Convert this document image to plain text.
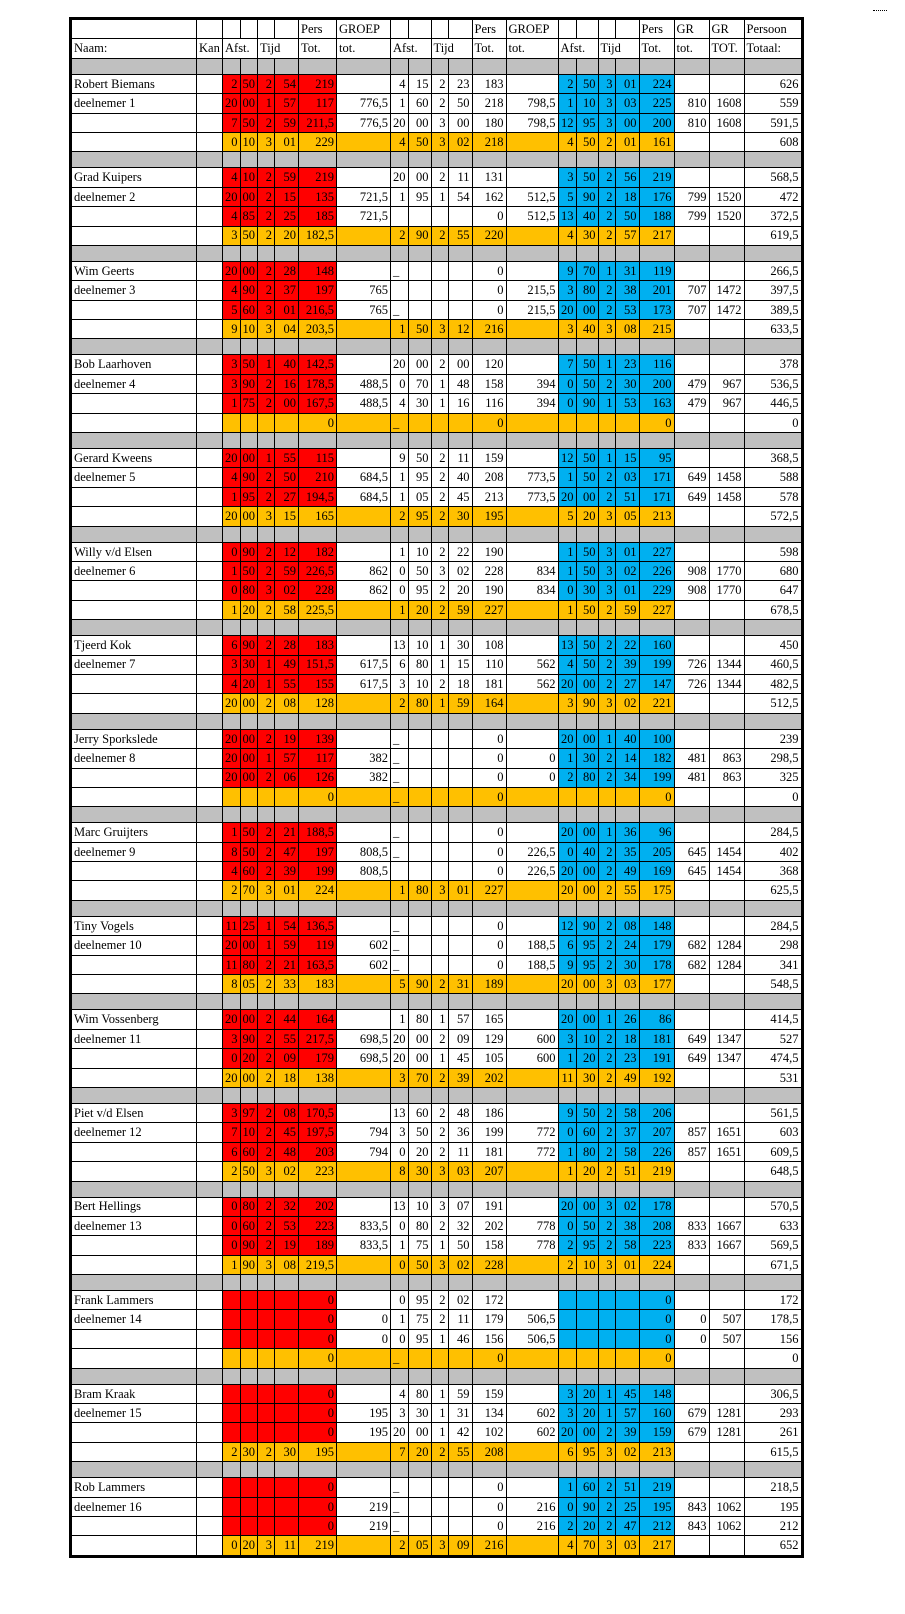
						Pers	GROEP					Pers	GROEP					Pers	GR	GR	Persoon
Naam:	Kan	Afst.		Tijd		Tot.	tot.	Afst.		Tijd		Tot.	tot.	Afst.		Tijd		Tot.	tot.	TOT.	Totaal:

Robert Biemans		2	50	2	54	219		4	15	2	23	183		2	50	3	01	224			626
deelnemer 1		20	00	1	57	117	776,5	1	60	2	50	218	798,5	1	10	3	03	225	810	1608	559
		7	50	2	59	211,5	776,5	20	00	3	00	180	798,5	12	95	3	00	200	810	1608	591,5
		0	10	3	01	229		4	50	3	02	218		4	50	2	01	161			608

Grad Kuipers		4	10	2	59	219		20	00	2	11	131		3	50	2	56	219			568,5
deelnemer 2		20	00	2	15	135	721,5	1	95	1	54	162	512,5	5	90	2	18	176	799	1520	472
		4	85	2	25	185	721,5					0	512,5	13	40	2	50	188	799	1520	372,5
		3	50	2	20	182,5		2	90	2	55	220		4	30	2	57	217			619,5

Wim Geerts		20	00	2	28	148		_				0		9	70	1	31	119			266,5
deelnemer 3		4	90	2	37	197	765					0	215,5	3	80	2	38	201	707	1472	397,5
		5	60	3	01	216,5	765	_				0	215,5	20	00	2	53	173	707	1472	389,5
		9	10	3	04	203,5		1	50	3	12	216		3	40	3	08	215			633,5

Bob Laarhoven		3	50	1	40	142,5		20	00	2	00	120		7	50	1	23	116			378
deelnemer 4		3	90	2	16	178,5	488,5	0	70	1	48	158	394	0	50	2	30	200	479	967	536,5
		1	75	2	00	167,5	488,5	4	30	1	16	116	394	0	90	1	53	163	479	967	446,5
						0		_				0						0			0

Gerard Kweens		20	00	1	55	115		9	50	2	11	159		12	50	1	15	95			368,5
deelnemer 5		4	90	2	50	210	684,5	1	95	2	40	208	773,5	1	50	2	03	171	649	1458	588
		1	95	2	27	194,5	684,5	1	05	2	45	213	773,5	20	00	2	51	171	649	1458	578
		20	00	3	15	165		2	95	2	30	195		5	20	3	05	213			572,5

Willy v/d Elsen		0	90	2	12	182		1	10	2	22	190		1	50	3	01	227			598
deelnemer 6		1	50	2	59	226,5	862	0	50	3	02	228	834	1	50	3	02	226	908	1770	680
		0	80	3	02	228	862	0	95	2	20	190	834	0	30	3	01	229	908	1770	647
		1	20	2	58	225,5		1	20	2	59	227		1	50	2	59	227			678,5

Tjeerd Kok		6	90	2	28	183		13	10	1	30	108		13	50	2	22	160			450
deelnemer 7		3	30	1	49	151,5	617,5	6	80	1	15	110	562	4	50	2	39	199	726	1344	460,5
		4	20	1	55	155	617,5	3	10	2	18	181	562	20	00	2	27	147	726	1344	482,5
		20	00	2	08	128		2	80	1	59	164		3	90	3	02	221			512,5

Jerry Sporkslede		20	00	2	19	139		_				0		20	00	1	40	100			239
deelnemer 8		20	00	1	57	117	382	_				0	0	1	30	2	14	182	481	863	298,5
		20	00	2	06	126	382	_				0	0	2	80	2	34	199	481	863	325
						0		_				0						0			0

Marc Gruijters		1	50	2	21	188,5		_				0		20	00	1	36	96			284,5
deelnemer 9		8	50	2	47	197	808,5	_				0	226,5	0	40	2	35	205	645	1454	402
		4	60	2	39	199	808,5					0	226,5	20	00	2	49	169	645	1454	368
		2	70	3	01	224		1	80	3	01	227		20	00	2	55	175			625,5

Tiny Vogels		11	25	1	54	136,5		_				0		12	90	2	08	148			284,5
deelnemer 10		20	00	1	59	119	602	_				0	188,5	6	95	2	24	179	682	1284	298
		11	80	2	21	163,5	602	_				0	188,5	9	95	2	30	178	682	1284	341
		8	05	2	33	183		5	90	2	31	189		20	00	3	03	177			548,5

Wim Vossenberg		20	00	2	44	164		1	80	1	57	165		20	00	1	26	86			414,5
deelnemer 11		3	90	2	55	217,5	698,5	20	00	2	09	129	600	3	10	2	18	181	649	1347	527
		0	20	2	09	179	698,5	20	00	1	45	105	600	1	20	2	23	191	649	1347	474,5
		20	00	2	18	138		3	70	2	39	202		11	30	2	49	192			531

Piet v/d Elsen		3	97	2	08	170,5		13	60	2	48	186		9	50	2	58	206			561,5
deelnemer 12		7	10	2	45	197,5	794	3	50	2	36	199	772	0	60	2	37	207	857	1651	603
		6	60	2	48	203	794	0	20	2	11	181	772	1	80	2	58	226	857	1651	609,5
		2	50	3	02	223		8	30	3	03	207		1	20	2	51	219			648,5

Bert Hellings		0	80	2	32	202		13	10	3	07	191		20	00	3	02	178			570,5
deelnemer 13		0	60	2	53	223	833,5	0	80	2	32	202	778	0	50	2	38	208	833	1667	633
		0	90	2	19	189	833,5	1	75	1	50	158	778	2	95	2	58	223	833	1667	569,5
		1	90	3	08	219,5		0	50	3	02	228		2	10	3	01	224			671,5

Frank Lammers						0		0	95	2	02	172						0			172
deelnemer 14						0	0	1	75	2	11	179	506,5					0	0	507	178,5
						0	0	0	95	1	46	156	506,5					0	0	507	156
						0		_				0						0			0

Bram Kraak						0		4	80	1	59	159		3	20	1	45	148			306,5
deelnemer 15						0	195	3	30	1	31	134	602	3	20	1	57	160	679	1281	293
						0	195	20	00	1	42	102	602	20	00	2	39	159	679	1281	261
		2	30	2	30	195		7	20	2	55	208		6	95	3	02	213			615,5

Rob Lammers						0		_				0		1	60	2	51	219			218,5
deelnemer 16						0	219	_				0	216	0	90	2	25	195	843	1062	195
						0	219	_				0	216	2	20	2	47	212	843	1062	212
		0	20	3	11	219		2	05	3	09	216		4	70	3	03	217			652
